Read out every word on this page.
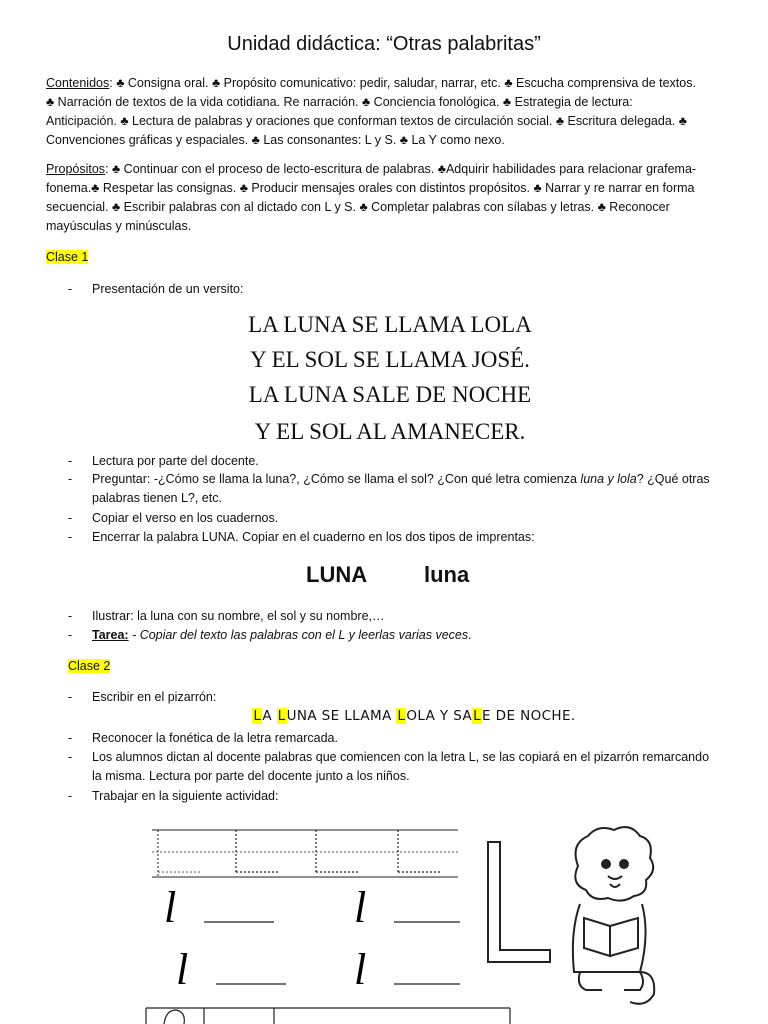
Unidad didáctica: “Otras palabritas”
Contenidos: ♣ Consigna oral. ♣ Propósito comunicativo: pedir, saludar, narrar, etc. ♣ Escucha comprensiva de textos.
♣ Narración de textos de la vida cotidiana. Re narración. ♣ Conciencia fonológica. ♣ Estrategia de lectura:
Anticipación. ♣ Lectura de palabras y oraciones que conforman textos de circulación social. ♣ Escritura delegada. ♣
Convenciones gráficas y espaciales. ♣ Las consonantes: L y S. ♣ La Y como nexo.
Propósitos: ♣ Continuar con el proceso de lecto-escritura de palabras. ♣Adquirir habilidades para relacionar grafema-
fonema.♣ Respetar las consignas. ♣ Producir mensajes orales con distintos propósitos. ♣ Narrar y re narrar en forma
secuencial. ♣ Escribir palabras con al dictado con L y S. ♣ Completar palabras con sílabas y letras. ♣ Reconocer
mayúsculas y minúsculas.
Clase 1
- Presentación de un versito:
LA LUNA SE LLAMA LOLA
Y EL SOL SE LLAMA JOSÉ.
LA LUNA SALE DE NOCHE
Y EL SOL AL AMANECER.
- Lectura por parte del docente.
- Preguntar: -¿Cómo se llama la luna?, ¿Cómo se llama el sol? ¿Con qué letra comienza luna y lola? ¿Qué otras
palabras tienen L?, etc.
- Copiar el verso en los cuadernos.
- Encerrar la palabra LUNA. Copiar en el cuaderno en los dos tipos de imprentas:
LUNA	luna
- Ilustrar: la luna con su nombre, el sol y su nombre,…
- Tarea: - Copiar del texto las palabras con el L y leerlas varias veces.
Clase 2
- Escribir en el pizarrón:
LA LUNA SE LLAMA LOLA Y SALE DE NOCHE.
- Reconocer la fonética de la letra remarcada.
- Los alumnos dictan al docente palabras que comiencen con la letra L, se las copiará en el pizarrón remarcando
la misma. Lectura por parte del docente junto a los niños.
- Trabajar en la siguiente actividad:
l	l
l	l
